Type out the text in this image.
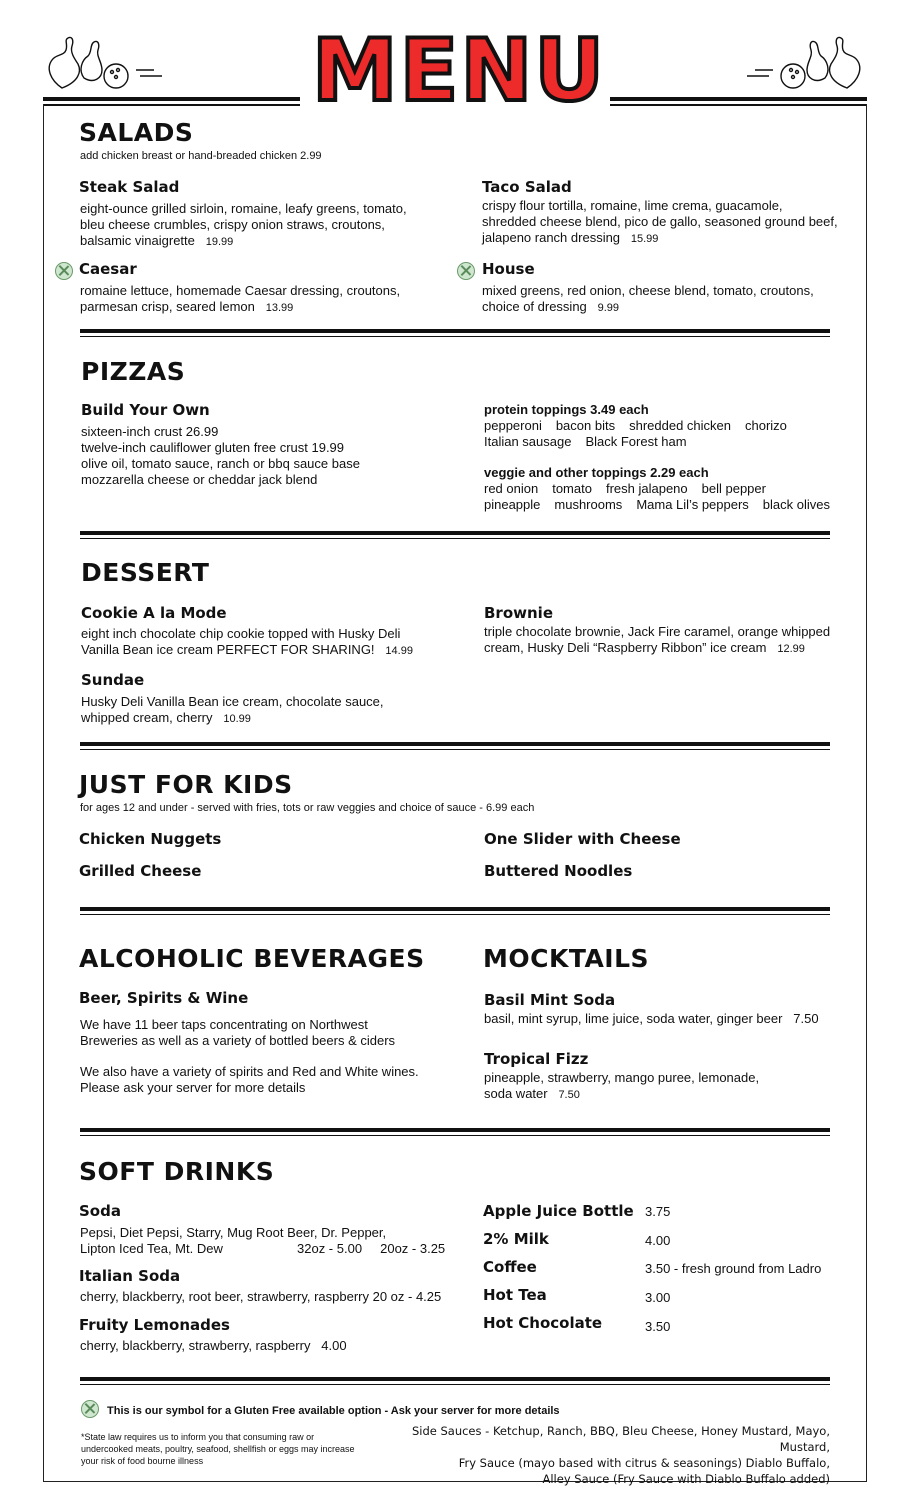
MENU
SALADS
add chicken breast or hand-breaded chicken 2.99
Steak Salad
eight-ounce grilled sirloin, romaine, leafy greens, tomato,
bleu cheese crumbles, crispy onion straws, croutons,
balsamic vinaigrette 19.99
Taco Salad
crispy flour tortilla, romaine, lime crema, guacamole,
shredded cheese blend, pico de gallo, seasoned ground beef,
jalapeno ranch dressing 15.99
Caesar
romaine lettuce, homemade Caesar dressing, croutons,
parmesan crisp, seared lemon 13.99
House
mixed greens, red onion, cheese blend, tomato, croutons,
choice of dressing 9.99
PIZZAS
Build Your Own
sixteen-inch crust 26.99
twelve-inch cauliflower gluten free crust 19.99
olive oil, tomato sauce, ranch or bbq sauce base
mozzarella cheese or cheddar jack blend
protein toppings 3.49 each
pepperoni bacon bits shredded chicken chorizo
Italian sausage Black Forest ham
veggie and other toppings 2.29 each
red onion tomato fresh jalapeno bell pepper
pineapple mushrooms Mama Lil’s peppers black olives
DESSERT
Cookie A la Mode
eight inch chocolate chip cookie topped with Husky Deli
Vanilla Bean ice cream PERFECT FOR SHARING! 14.99
Brownie
triple chocolate brownie, Jack Fire caramel, orange whipped
cream, Husky Deli “Raspberry Ribbon” ice cream 12.99
Sundae
Husky Deli Vanilla Bean ice cream, chocolate sauce,
whipped cream, cherry 10.99
JUST FOR KIDS
for ages 12 and under - served with fries, tots or raw veggies and choice of sauce - 6.99 each
Chicken Nuggets	One Slider with Cheese
Grilled Cheese	Buttered Noodles
ALCOHOLIC BEVERAGES
Beer, Spirits & Wine
We have 11 beer taps concentrating on Northwest
Breweries as well as a variety of bottled beers & ciders
We also have a variety of spirits and Red and White wines.
Please ask your server for more details
MOCKTAILS
Basil Mint Soda
basil, mint syrup, lime juice, soda water, ginger beer 7.50
Tropical Fizz
pineapple, strawberry, mango puree, lemonade,
soda water 7.50
SOFT DRINKS
Soda
Pepsi, Diet Pepsi, Starry, Mug Root Beer, Dr. Pepper,
Lipton Iced Tea, Mt. Dew	32oz - 5.00     20oz - 3.25
Italian Soda
cherry, blackberry, root beer, strawberry, raspberry 20 oz - 4.25
Fruity Lemonades
cherry, blackberry, strawberry, raspberry 4.00
Apple Juice Bottle 3.75
2% Milk	4.00
Coffee	3.50 - fresh ground from Ladro
Hot Tea	3.00
Hot Chocolate	3.50
This is our symbol for a Gluten Free available option - Ask your server for more details
*State law requires us to inform you that consuming raw or
undercooked meats, poultry, seafood, shellfish or eggs may increase
your risk of food bourne illness
Side Sauces - Ketchup, Ranch, BBQ, Bleu Cheese, Honey Mustard, Mayo, Mustard,
Fry Sauce (mayo based with citrus & seasonings) Diablo Buffalo,
Alley Sauce (Fry Sauce with Diablo Buffalo added)
